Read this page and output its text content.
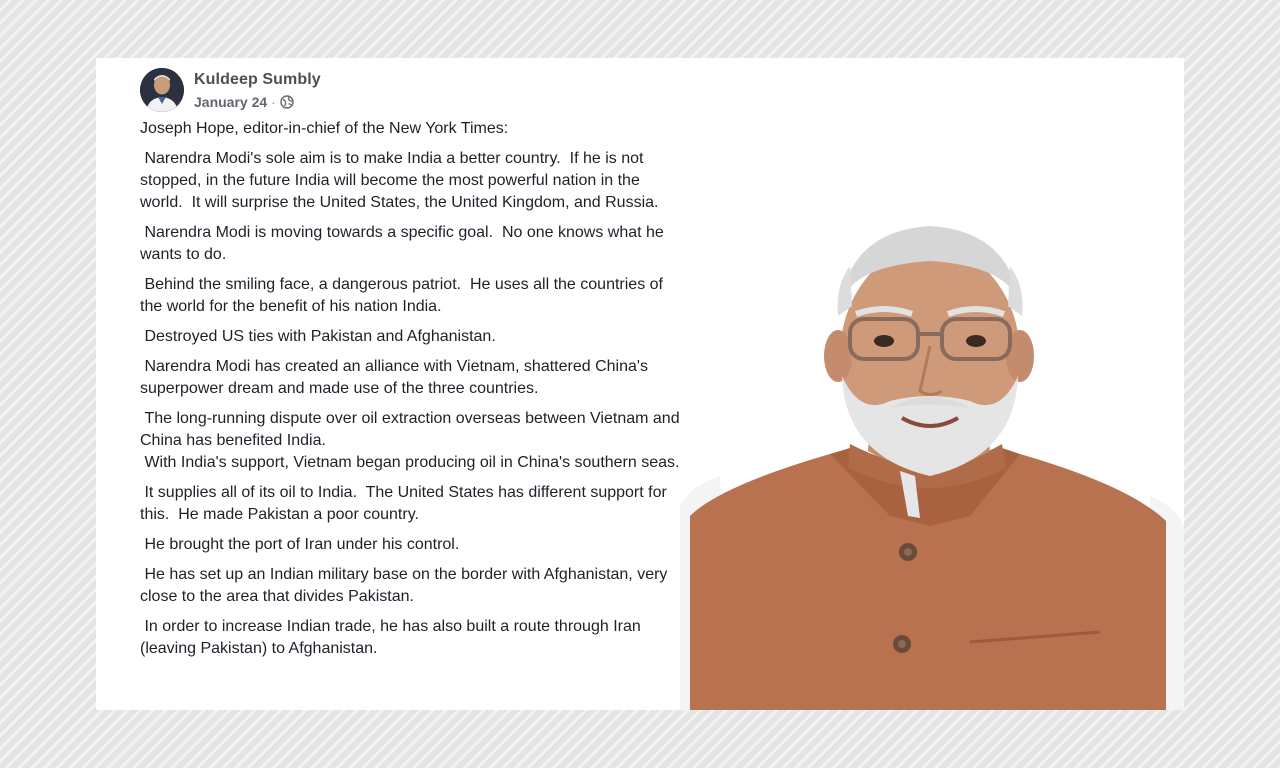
Kuldeep Sumbly
January 24 ·

Joseph Hope, editor-in-chief of the New York Times:

Narendra Modi's sole aim is to make India a better country.  If he is not stopped, in the future India will become the most powerful nation in the world.  It will surprise the United States, the United Kingdom, and Russia.

Narendra Modi is moving towards a specific goal.  No one knows what he wants to do.

Behind the smiling face, a dangerous patriot.  He uses all the countries of the world for the benefit of his nation India.

Destroyed US ties with Pakistan and Afghanistan.

Narendra Modi has created an alliance with Vietnam, shattered China's superpower dream and made use of the three countries.

The long-running dispute over oil extraction overseas between Vietnam and China has benefited India.

With India's support, Vietnam began producing oil in China's southern seas.

It supplies all of its oil to India.  The United States has different support for this.  He made Pakistan a poor country.

He brought the port of Iran under his control.

He has set up an Indian military base on the border with Afghanistan, very close to the area that divides Pakistan.

In order to increase Indian trade, he has also built a route through Iran (leaving Pakistan) to Afghanistan.
